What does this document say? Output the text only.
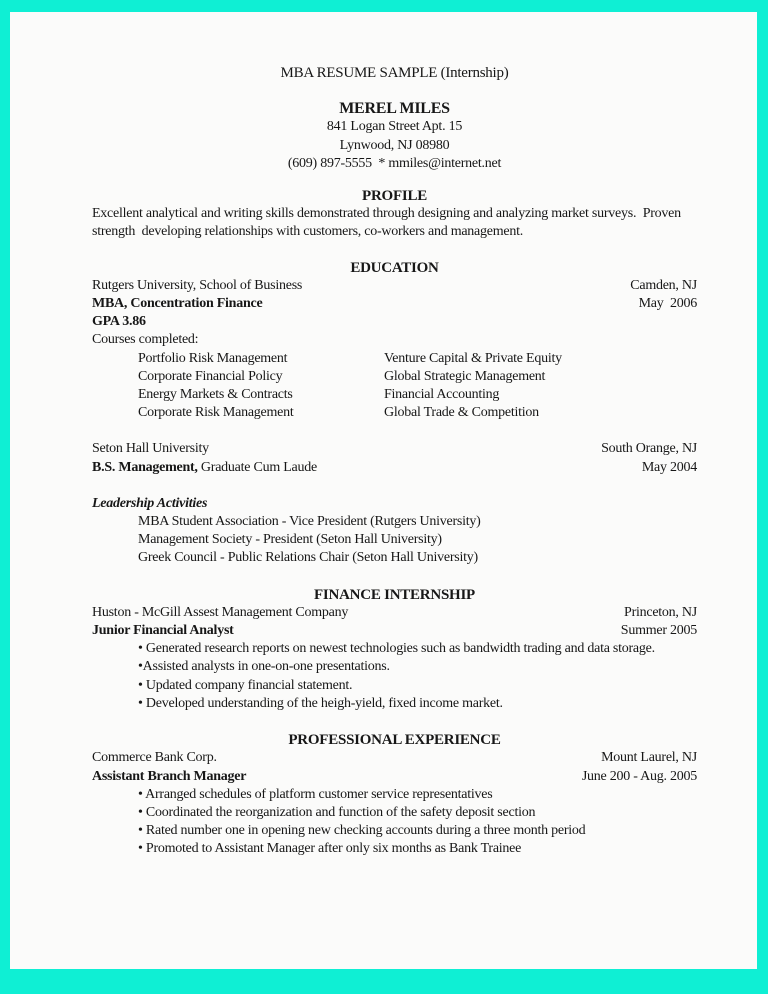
MBA RESUME SAMPLE (Internship)
MEREL MILES
841 Logan Street Apt. 15
Lynwood, NJ 08980
(609) 897-5555  * mmiles@internet.net
PROFILE
Excellent analytical and writing skills demonstrated through designing and analyzing market surveys.  Proven
strength  developing relationships with customers, co-workers and management.
EDUCATION
Rutgers University, School of Business	Camden, NJ
MBA, Concentration Finance	May  2006
GPA 3.86
Courses completed:
Portfolio Risk Management	Venture Capital & Private Equity
Corporate Financial Policy	Global Strategic Management
Energy Markets & Contracts	Financial Accounting
Corporate Risk Management	Global Trade & Competition
Seton Hall University	South Orange, NJ
B.S. Management, Graduate Cum Laude	May 2004
Leadership Activities
MBA Student Association - Vice President (Rutgers University)
Management Society - President (Seton Hall University)
Greek Council - Public Relations Chair (Seton Hall University)
FINANCE INTERNSHIP
Huston - McGill Assest Management Company	Princeton, NJ
Junior Financial Analyst	Summer 2005
• Generated research reports on newest technologies such as bandwidth trading and data storage.
•Assisted analysts in one-on-one presentations.
• Updated company financial statement.
• Developed understanding of the heigh-yield, fixed income market.
PROFESSIONAL EXPERIENCE
Commerce Bank Corp.	Mount Laurel, NJ
Assistant Branch Manager	June 200 - Aug. 2005
• Arranged schedules of platform customer service representatives
• Coordinated the reorganization and function of the safety deposit section
• Rated number one in opening new checking accounts during a three month period
• Promoted to Assistant Manager after only six months as Bank Trainee
